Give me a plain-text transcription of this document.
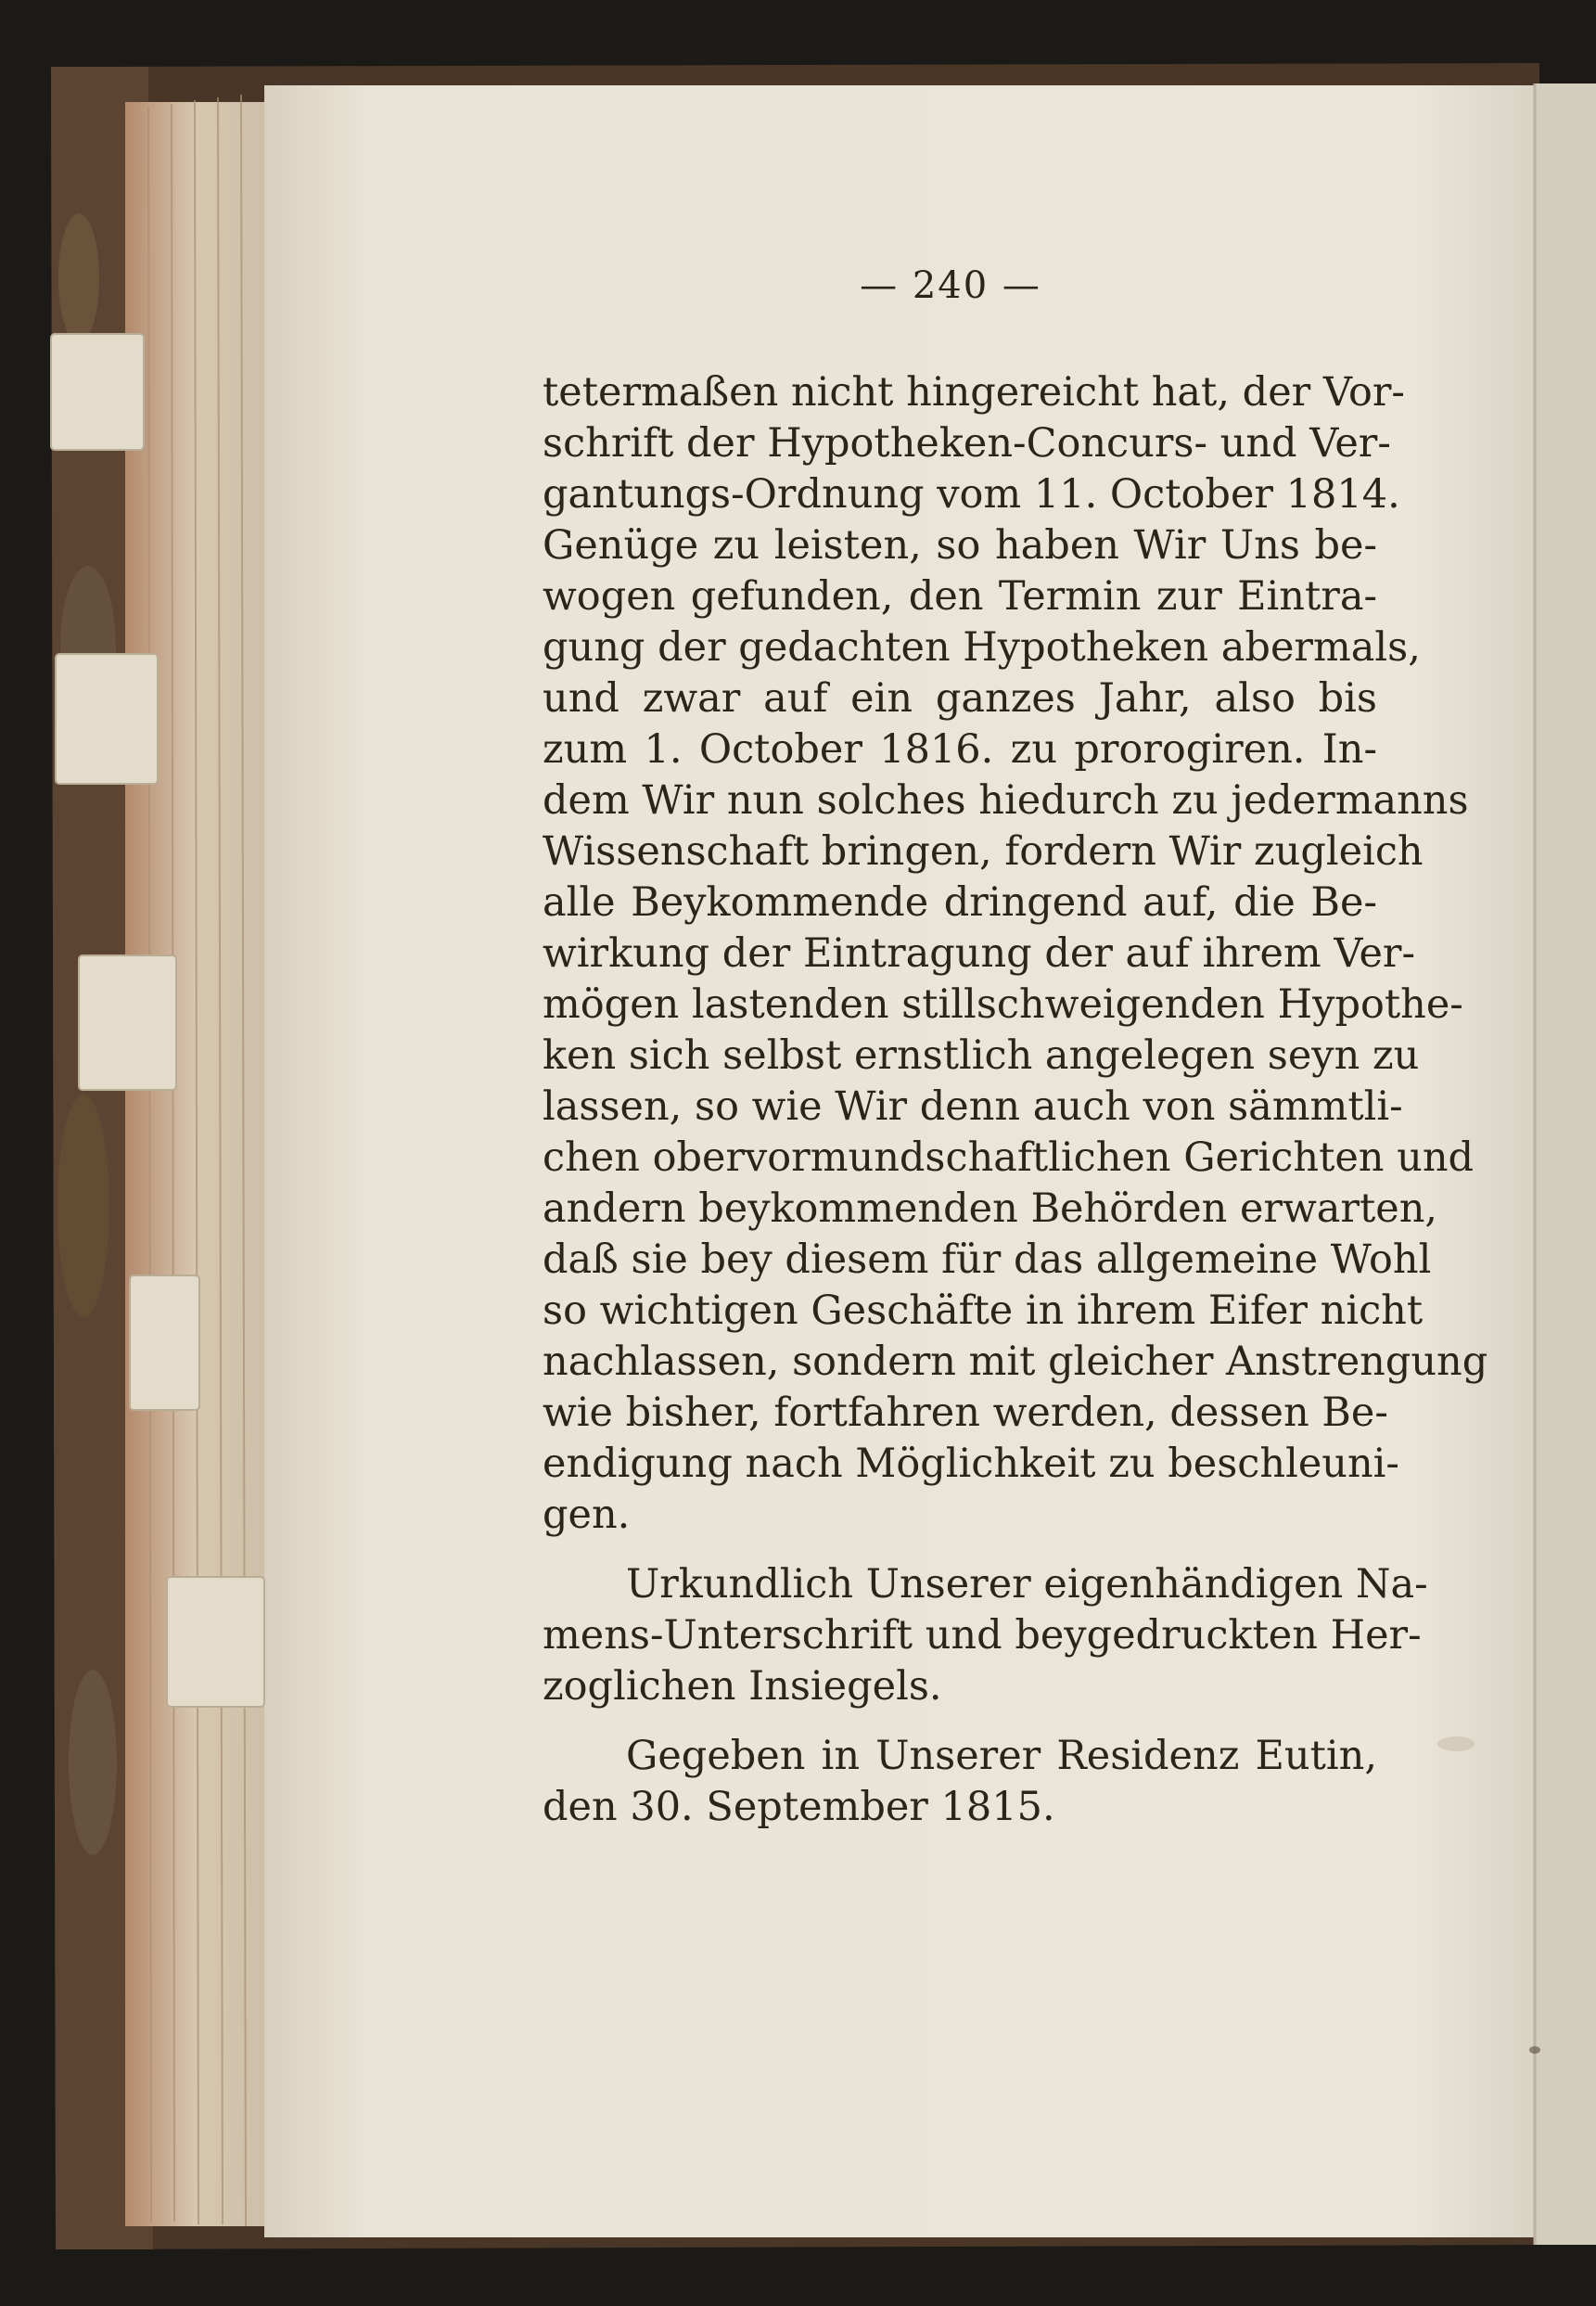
— 240 —
tetermaßen nicht hingereicht hat, der Vor-
schrift der Hypotheken-Concurs- und Ver-
gantungs-Ordnung vom 11. October 1814.
Genüge zu leisten, so haben Wir Uns be-
wogen gefunden, den Termin zur Eintra-
gung der gedachten Hypotheken abermals,
und zwar auf ein ganzes Jahr, also bis
zum 1. October 1816. zu prorogiren. In-
dem Wir nun solches hiedurch zu jedermanns
Wissenschaft bringen, fordern Wir zugleich
alle Beykommende dringend auf, die Be-
wirkung der Eintragung der auf ihrem Ver-
mögen lastenden stillschweigenden Hypothe-
ken sich selbst ernstlich angelegen seyn zu
lassen, so wie Wir denn auch von sämmtli-
chen obervormundschaftlichen Gerichten und
andern beykommenden Behörden erwarten,
daß sie bey diesem für das allgemeine Wohl
so wichtigen Geschäfte in ihrem Eifer nicht
nachlassen, sondern mit gleicher Anstrengung
wie bisher, fortfahren werden, dessen Be-
endigung nach Möglichkeit zu beschleuni-
gen.
Urkundlich Unserer eigenhändigen Na-
mens-Unterschrift und beygedruckten Her-
zoglichen Insiegels.
Gegeben in Unserer Residenz Eutin,
den 30. September 1815.
